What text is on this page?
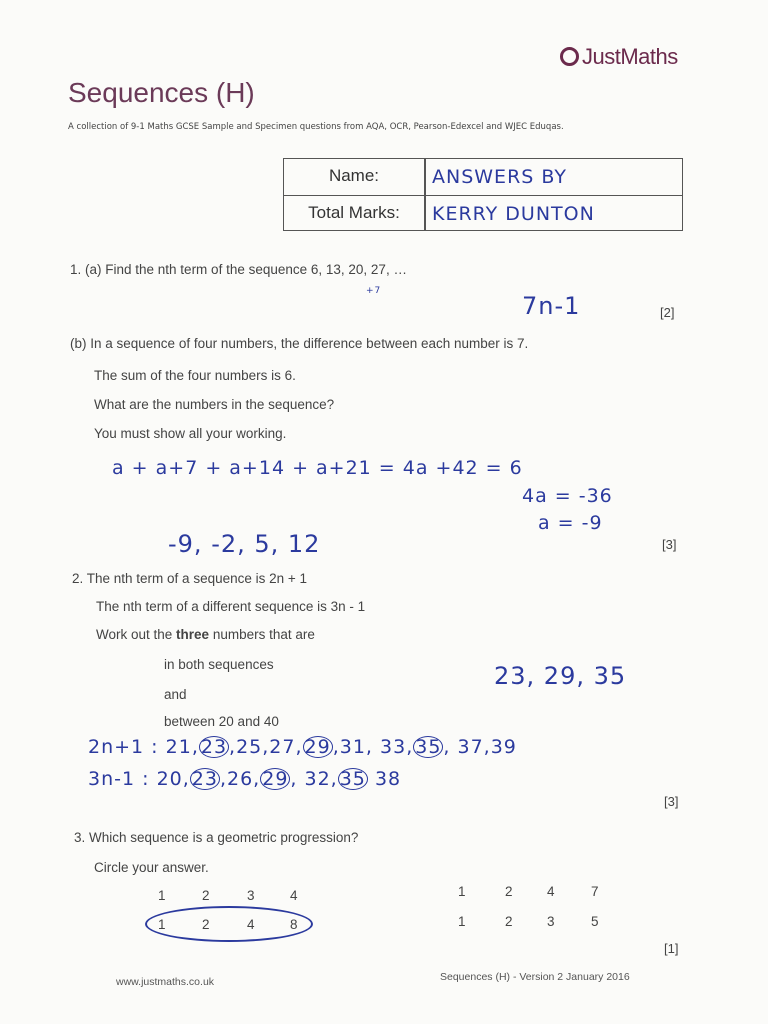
JustMaths
Sequences (H)
A collection of 9-1 Maths GCSE Sample and Specimen questions from AQA, OCR, Pearson-Edexcel and WJEC Eduqas.
Name:	ANSWERS BY
Total Marks:	KERRY DUNTON
1. (a) Find the nth term of the sequence 6, 13, 20, 27, …
+7
7n-1	[2]
(b) In a sequence of four numbers, the difference between each number is 7.
The sum of the four numbers is 6.
What are the numbers in the sequence?
You must show all your working.
a + a+7 + a+14 + a+21 = 4a +42 = 6
4a = -36
a = -9
-9, -2, 5, 12	[3]
2. The nth term of a sequence is 2n + 1
The nth term of a different sequence is 3n - 1
Work out the three numbers that are
in both sequences
and
between 20 and 40
23, 29, 35
2n+1 : 21, 23 ,25,27, 29 ,31, 33, 35 , 37,39
3n-1 : 20, 23 ,26, 29 , 32, 35 38
[3]
3. Which sequence is a geometric progression?
Circle your answer.
1	2	3	4
1	2	4	8
1	2	4	7
1	2	3	5
[1]
www.justmaths.co.uk	Sequences (H) - Version 2 January 2016
